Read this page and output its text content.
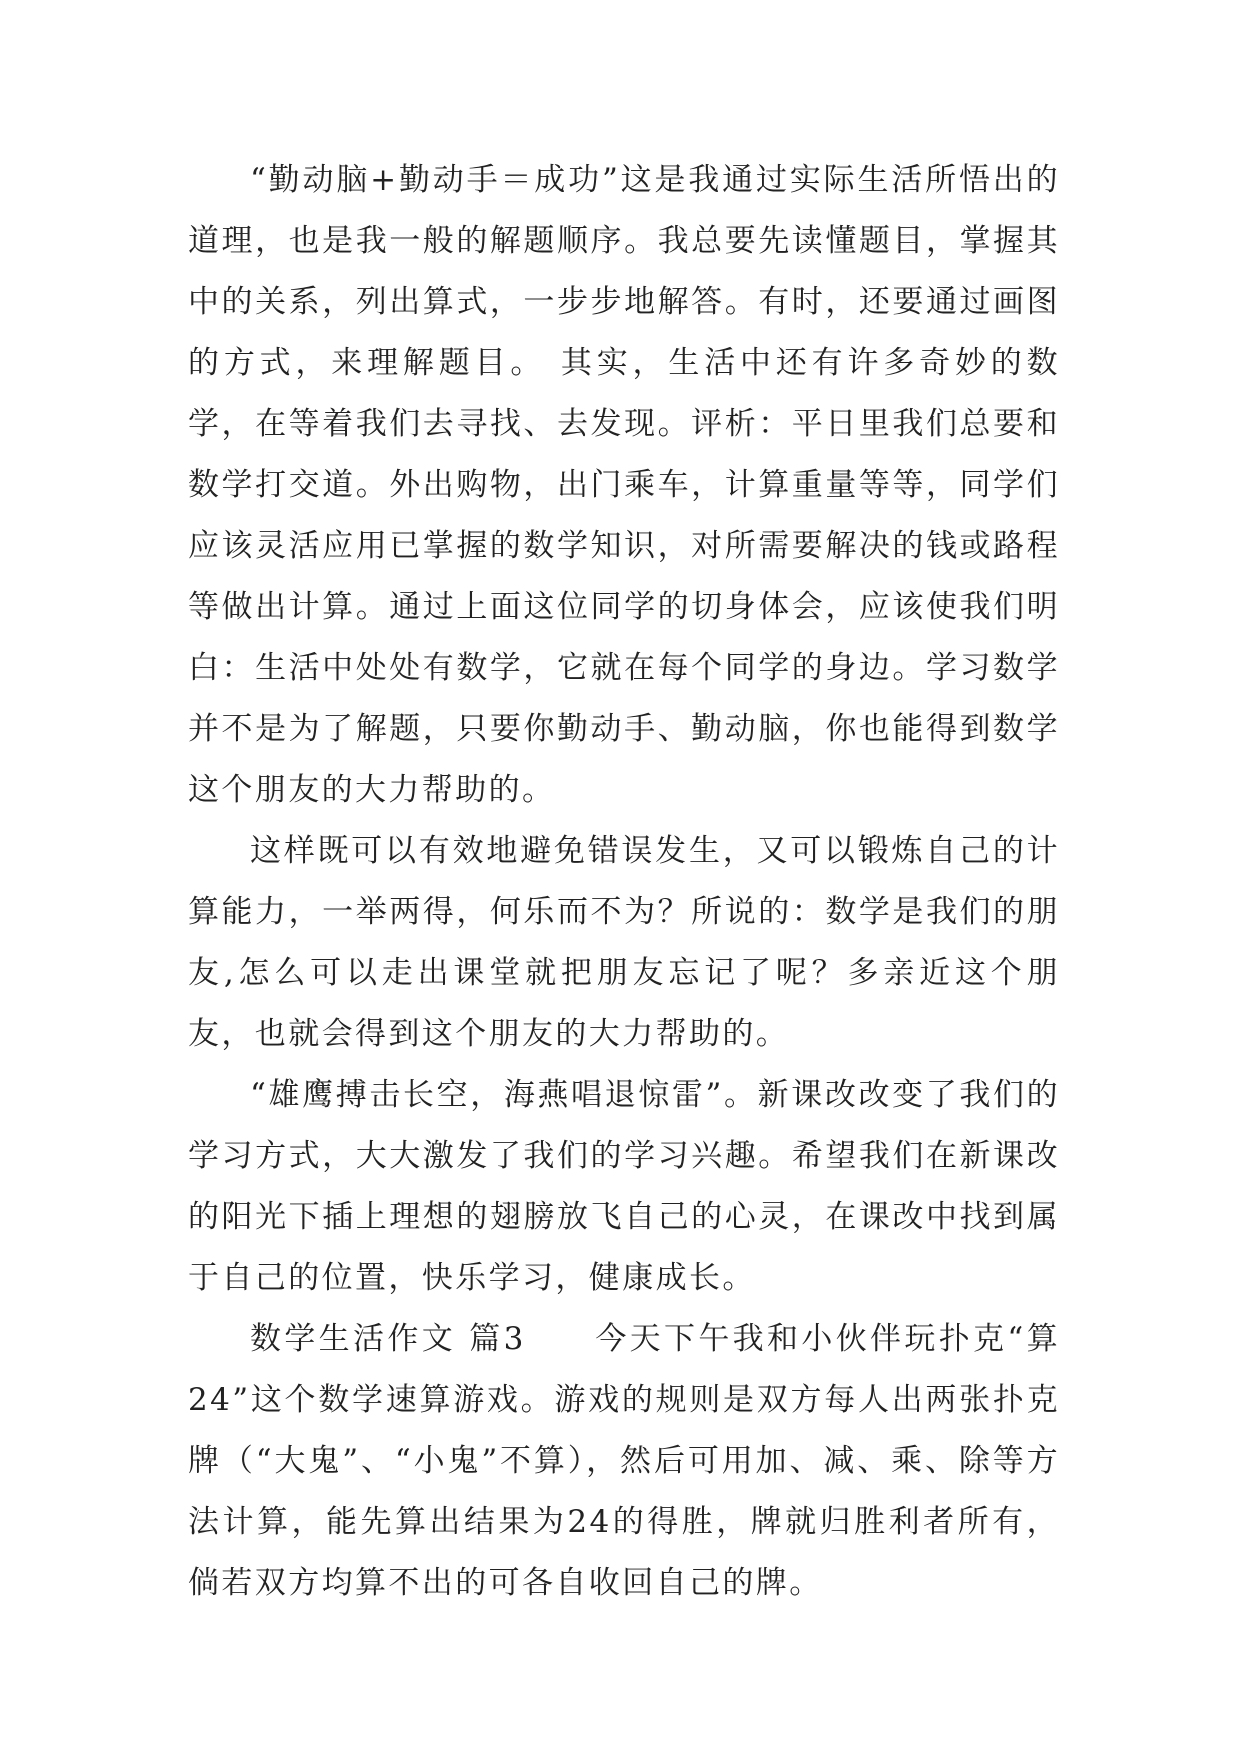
“勤动脑+勤动手＝成功”这是我通过实际生活所悟出的道理，也是我一般的解题顺序。我总要先读懂题目，掌握其中的关系，列出算式，一步步地解答。有时，还要通过画图的方式，来理解题目。 其实，生活中还有许多奇妙的数学，在等着我们去寻找、去发现。评析：平日里我们总要和数学打交道。外出购物，出门乘车，计算重量等等，同学们应该灵活应用已掌握的数学知识，对所需要解决的钱或路程等做出计算。通过上面这位同学的切身体会，应该使我们明白：生活中处处有数学，它就在每个同学的身边。学习数学并不是为了解题，只要你勤动手、勤动脑，你也能得到数学这个朋友的大力帮助的。

这样既可以有效地避免错误发生，又可以锻炼自己的计算能力，一举两得，何乐而不为？所说的：数学是我们的朋友,怎么可以走出课堂就把朋友忘记了呢？多亲近这个朋友，也就会得到这个朋友的大力帮助的。

“雄鹰搏击长空，海燕唱退惊雷”。新课改改变了我们的学习方式，大大激发了我们的学习兴趣。希望我们在新课改的阳光下插上理想的翅膀放飞自己的心灵，在课改中找到属于自己的位置，快乐学习，健康成长。

数学生活作文 篇3　　今天下午我和小伙伴玩扑克“算24”这个数学速算游戏。游戏的规则是双方每人出两张扑克牌（“大鬼”、“小鬼”不算），然后可用加、减、乘、除等方法计算，能先算出结果为24的得胜，牌就归胜利者所有，倘若双方均算不出的可各自收回自己的牌。
